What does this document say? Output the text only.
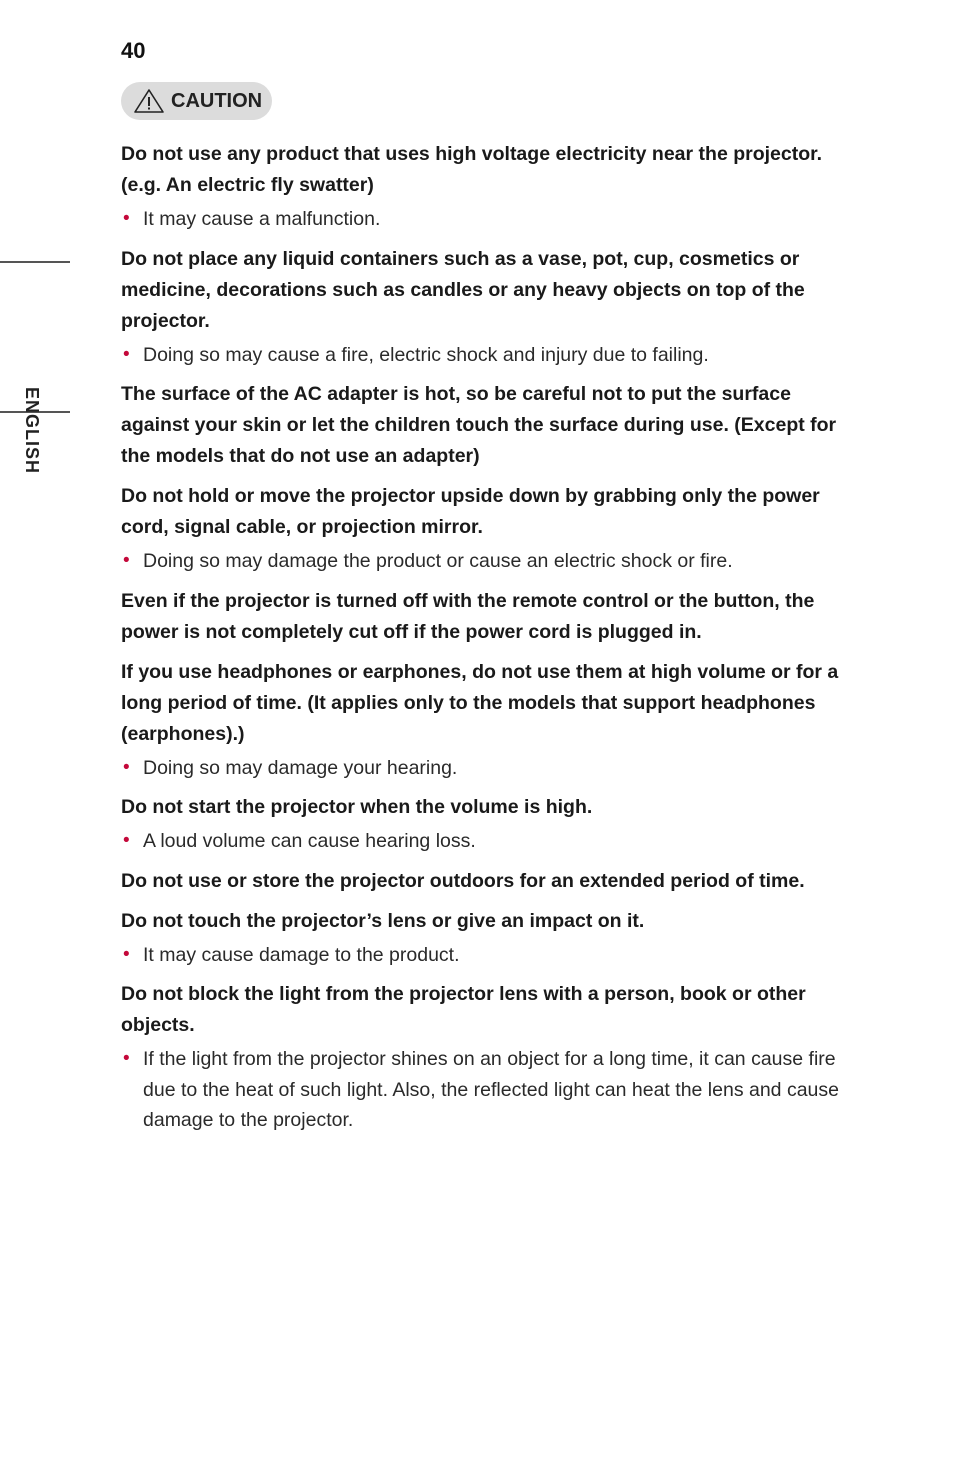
40

ENGLISH
CAUTION

Do not use any product that uses high voltage electricity near the projector. (e.g. An electric fly swatter)

• It may cause a malfunction.

Do not place any liquid containers such as a vase, pot, cup, cosmetics or medicine, decorations such as candles or any heavy objects on top of the projector.

• Doing so may cause a fire, electric shock and injury due to failing.

The surface of the AC adapter is hot, so be careful not to put the surface against your skin or let the children touch the surface during use. (Except for the models that do not use an adapter)

Do not hold or move the projector upside down by grabbing only the power cord, signal cable, or projection mirror.

• Doing so may damage the product or cause an electric shock or fire.

Even if the projector is turned off with the remote control or the button, the power is not completely cut off if the power cord is plugged in.

If you use headphones or earphones, do not use them at high volume or for a long period of time. (It applies only to the models that support headphones (earphones).)

• Doing so may damage your hearing.

Do not start the projector when the volume is high.

• A loud volume can cause hearing loss.

Do not use or store the projector outdoors for an extended period of time.

Do not touch the projector’s lens or give an impact on it.

• It may cause damage to the product.

Do not block the light from the projector lens with a person, book or other objects.

• If the light from the projector shines on an object for a long time, it can cause fire due to the heat of such light. Also, the reflected light can heat the lens and cause damage to the projector.
